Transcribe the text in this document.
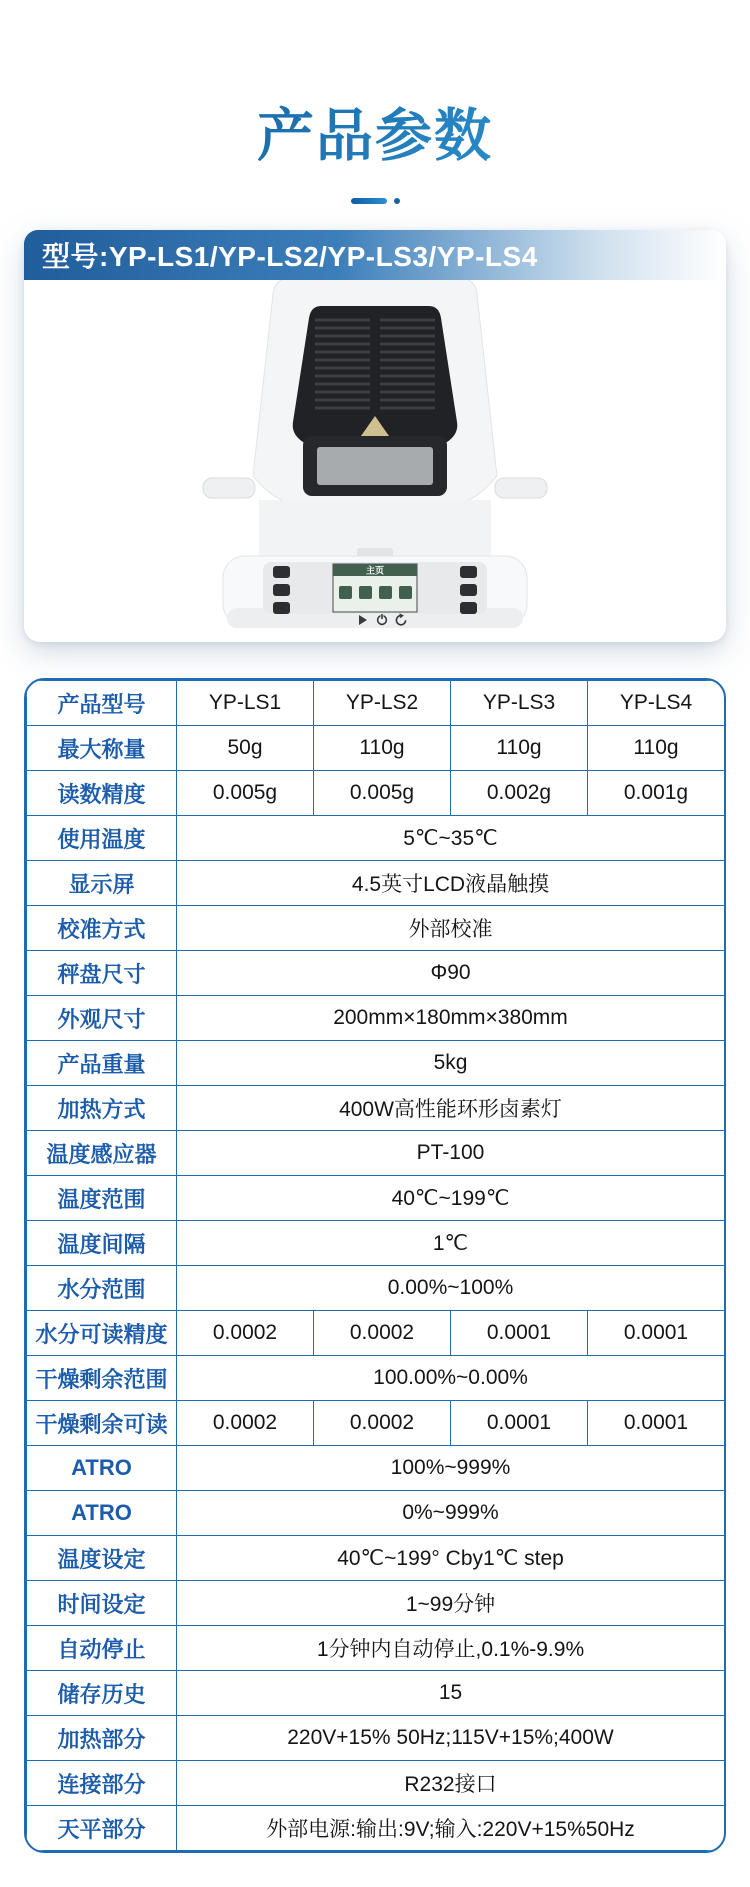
产品参数
型号:YP-LS1/YP-LS2/YP-LS3/YP-LS4
主页
产品型号	YP-LS1	YP-LS2	YP-LS3	YP-LS4
最大称量	50g	110g	110g	110g
读数精度	0.005g	0.005g	0.002g	0.001g
使用温度	5℃~35℃			
显示屏	4.5英寸LCD液晶触摸			
校准方式	外部校准			
秤盘尺寸	Φ90			
外观尺寸	200mm×180mm×380mm			
产品重量	5kg			
加热方式	400W高性能环形卤素灯			
温度感应器	PT-100			
温度范围	40℃~199℃			
温度间隔	1℃			
水分范围	0.00%~100%			
水分可读精度	0.0002	0.0002	0.0001	0.0001
干燥剩余范围	100.00%~0.00%			
干燥剩余可读	0.0002	0.0002	0.0001	0.0001
ATRO	100%~999%			
ATRO	0%~999%			
温度设定	40℃~199° Cby1℃ step			
时间设定	1~99分钟			
自动停止	1分钟内自动停止,0.1%-9.9%			
储存历史	15			
加热部分	220V+15% 50Hz;115V+15%;400W			
连接部分	R232接口			
天平部分	外部电源:输出:9V;输入:220V+15%50Hz			
